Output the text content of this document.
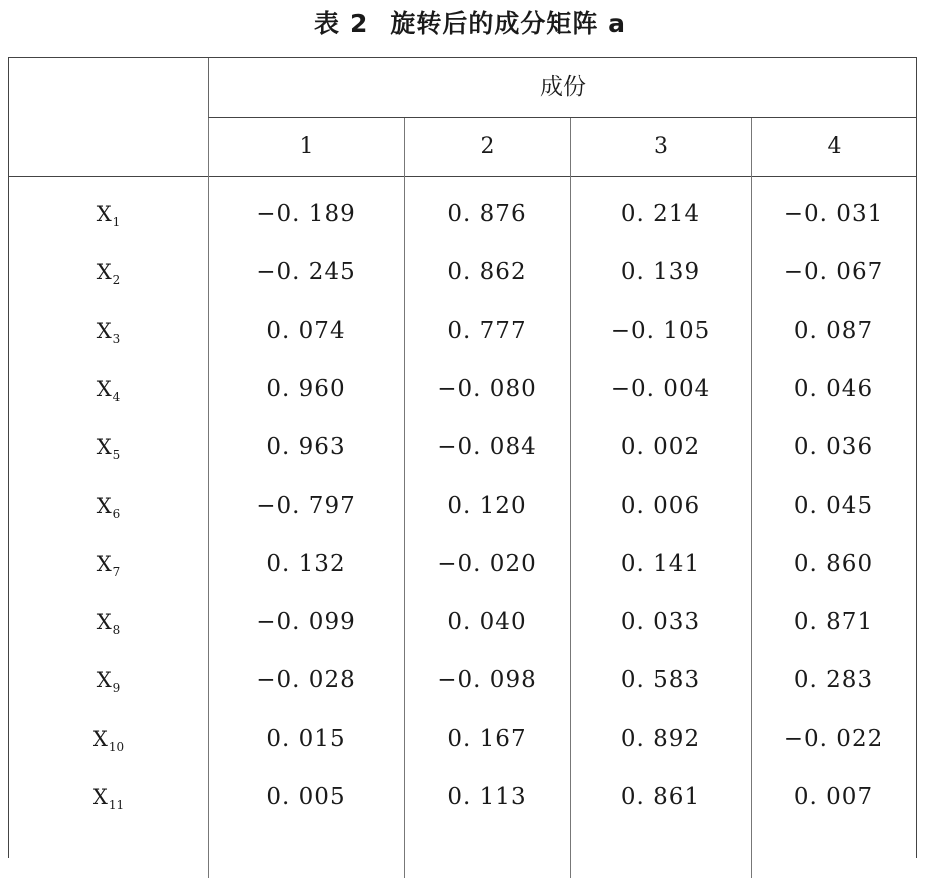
表 2 旋转后的成分矩阵 a
成份
1	2	3	4
$X_1$	−0. 189	0. 876	0. 214	−0. 031
$X_2$	−0. 245	0. 862	0. 139	−0. 067
$X_3$	0. 074	0. 777	−0. 105	0. 087
$X_4$	0. 960	−0. 080	−0. 004	0. 046
$X_5$	0. 963	−0. 084	0. 002	0. 036
$X_6$	−0. 797	0. 120	0. 006	0. 045
$X_7$	0. 132	−0. 020	0. 141	0. 860
$X_8$	−0. 099	0. 040	0. 033	0. 871
$X_9$	−0. 028	−0. 098	0. 583	0. 283
$X_{10}$	0. 015	0. 167	0. 892	−0. 022
$X_{11}$	0. 005	0. 113	0. 861	0. 007
